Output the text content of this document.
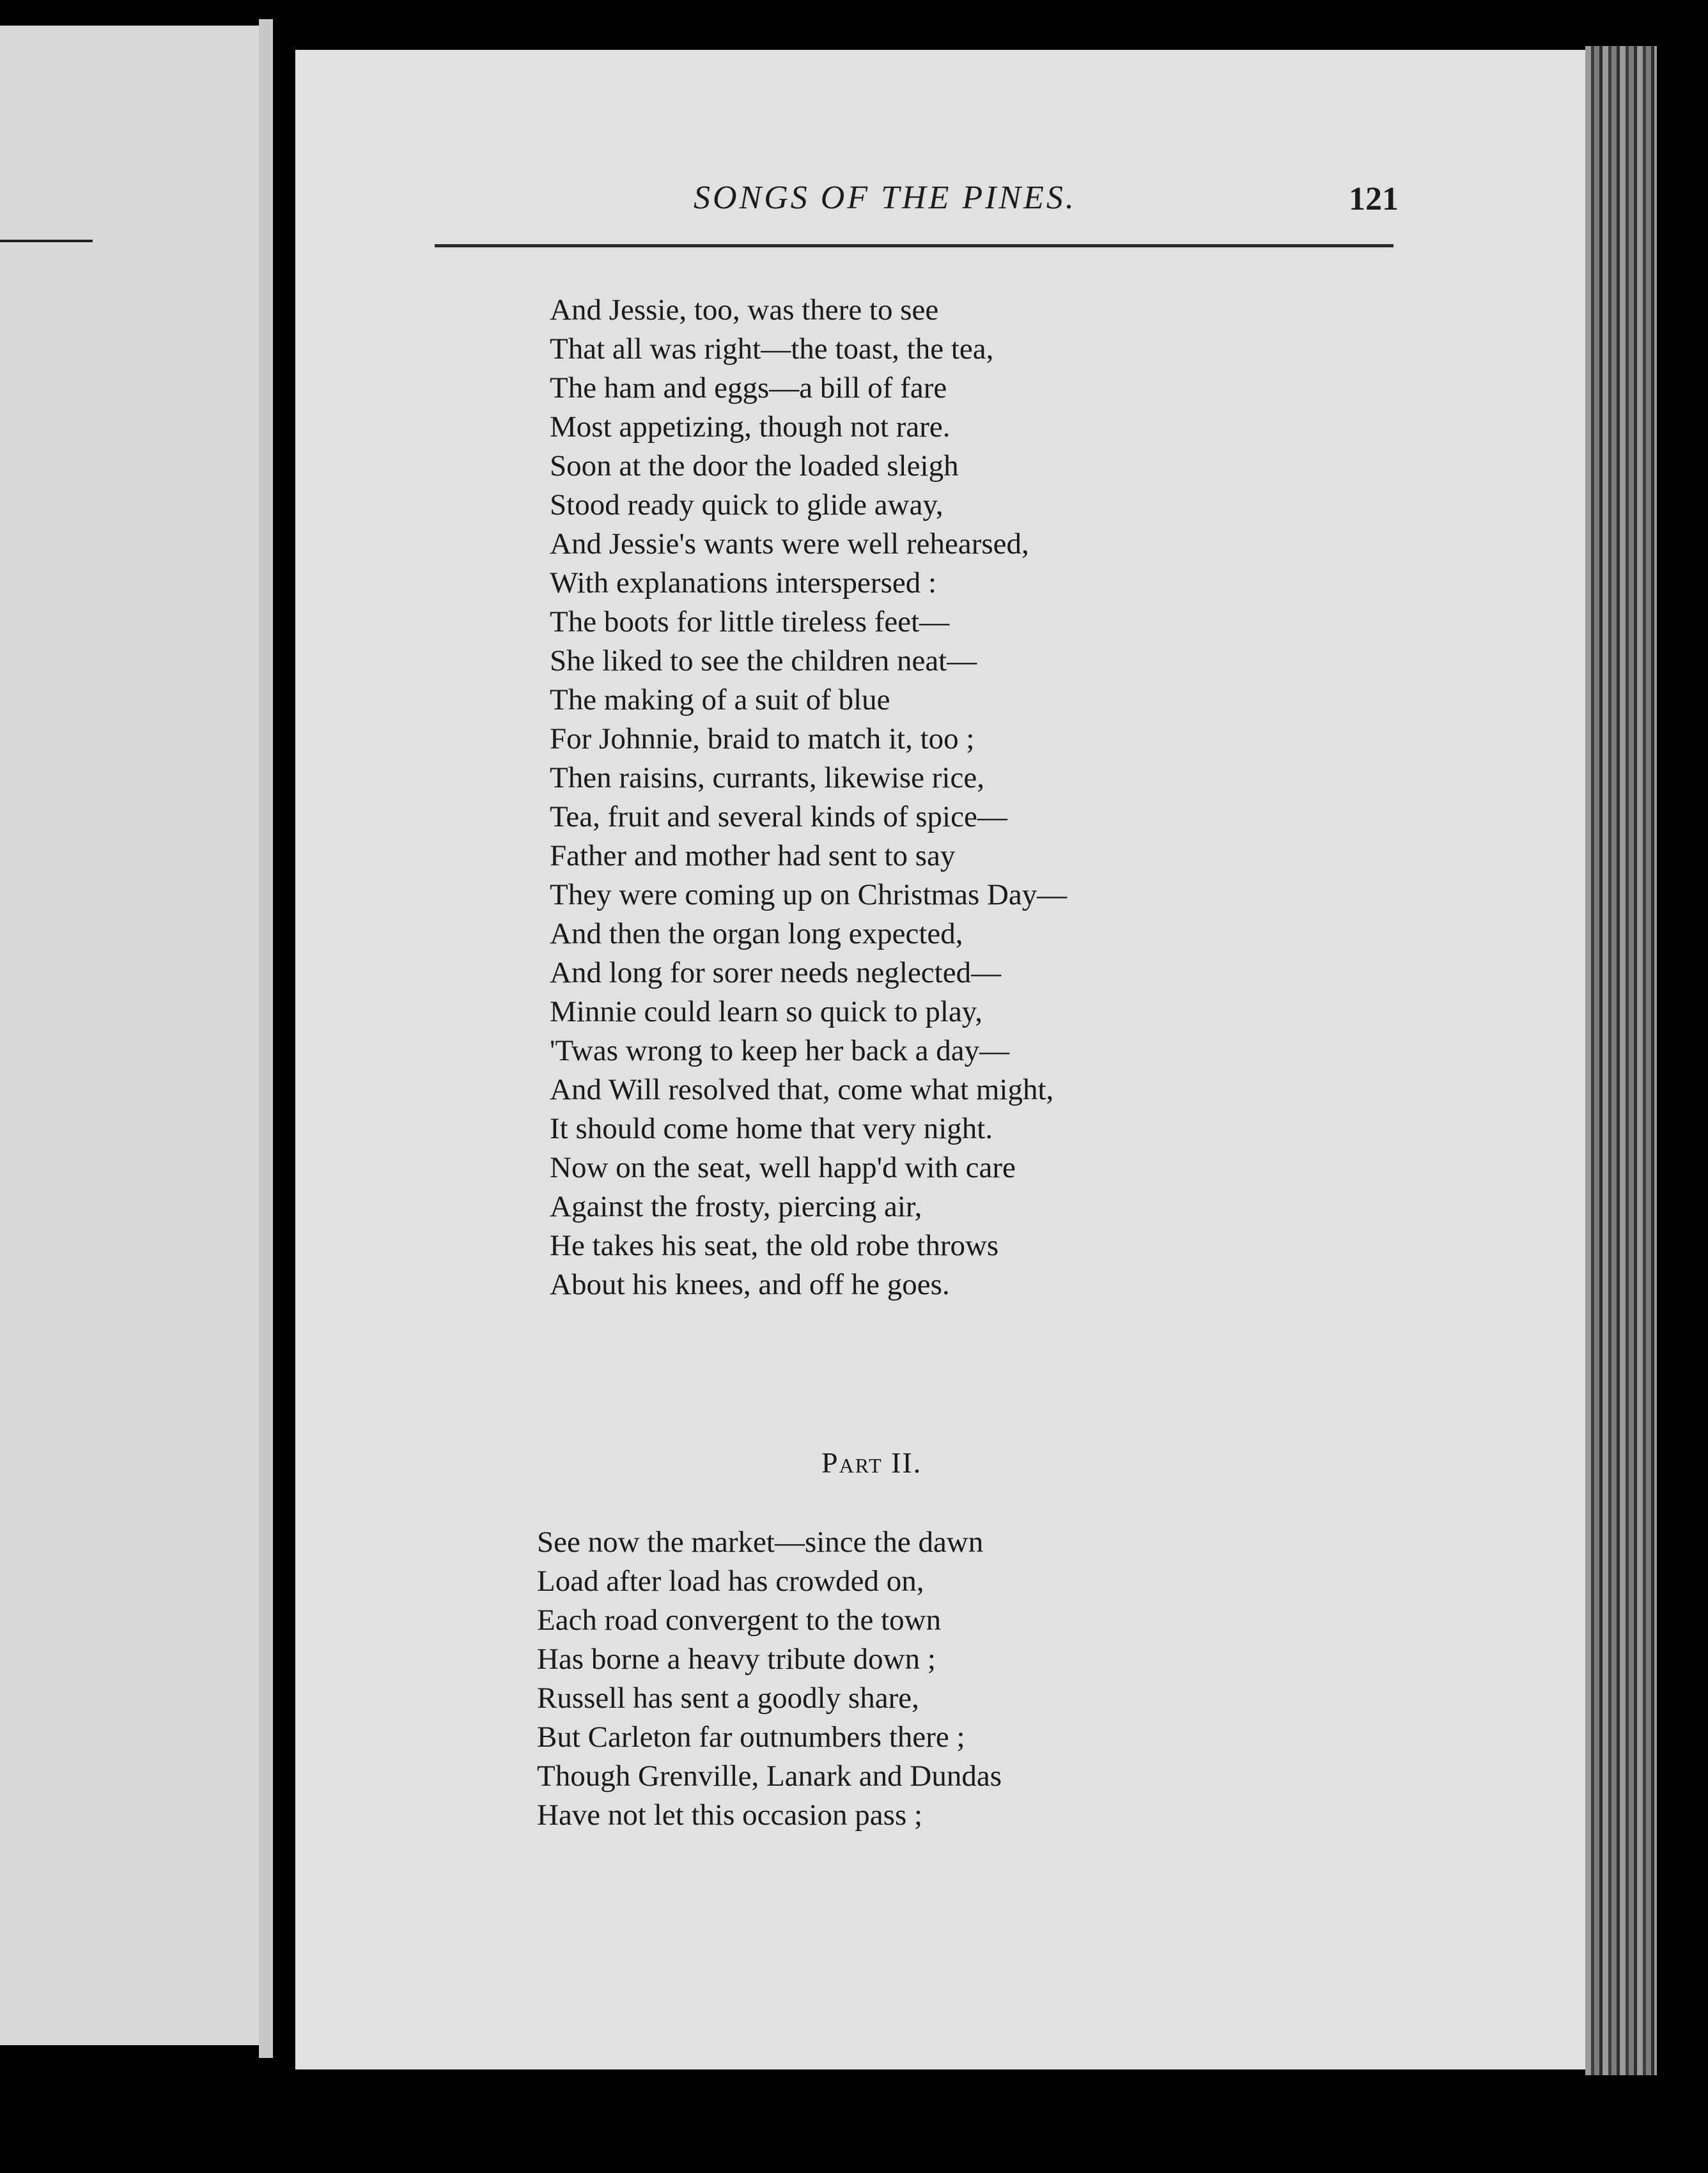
SONGS OF THE PINES.	121
And Jessie, too, was there to see
That all was right—the toast, the tea,
The ham and eggs—a bill of fare
Most appetizing, though not rare.
Soon at the door the loaded sleigh
Stood ready quick to glide away,
And Jessie's wants were well rehearsed,
With explanations interspersed :
The boots for little tireless feet—
She liked to see the children neat—
The making of a suit of blue
For Johnnie, braid to match it, too ;
Then raisins, currants, likewise rice,
Tea, fruit and several kinds of spice—
Father and mother had sent to say
They were coming up on Christmas Day—
And then the organ long expected,
And long for sorer needs neglected—
Minnie could learn so quick to play,
'Twas wrong to keep her back a day—
And Will resolved that, come what might,
It should come home that very night.
Now on the seat, well happ'd with care
Against the frosty, piercing air,
He takes his seat, the old robe throws
About his knees, and off he goes.
Part II.
See now the market—since the dawn
Load after load has crowded on,
Each road convergent to the town
Has borne a heavy tribute down ;
Russell has sent a goodly share,
But Carleton far outnumbers there ;
Though Grenville, Lanark and Dundas
Have not let this occasion pass ;
